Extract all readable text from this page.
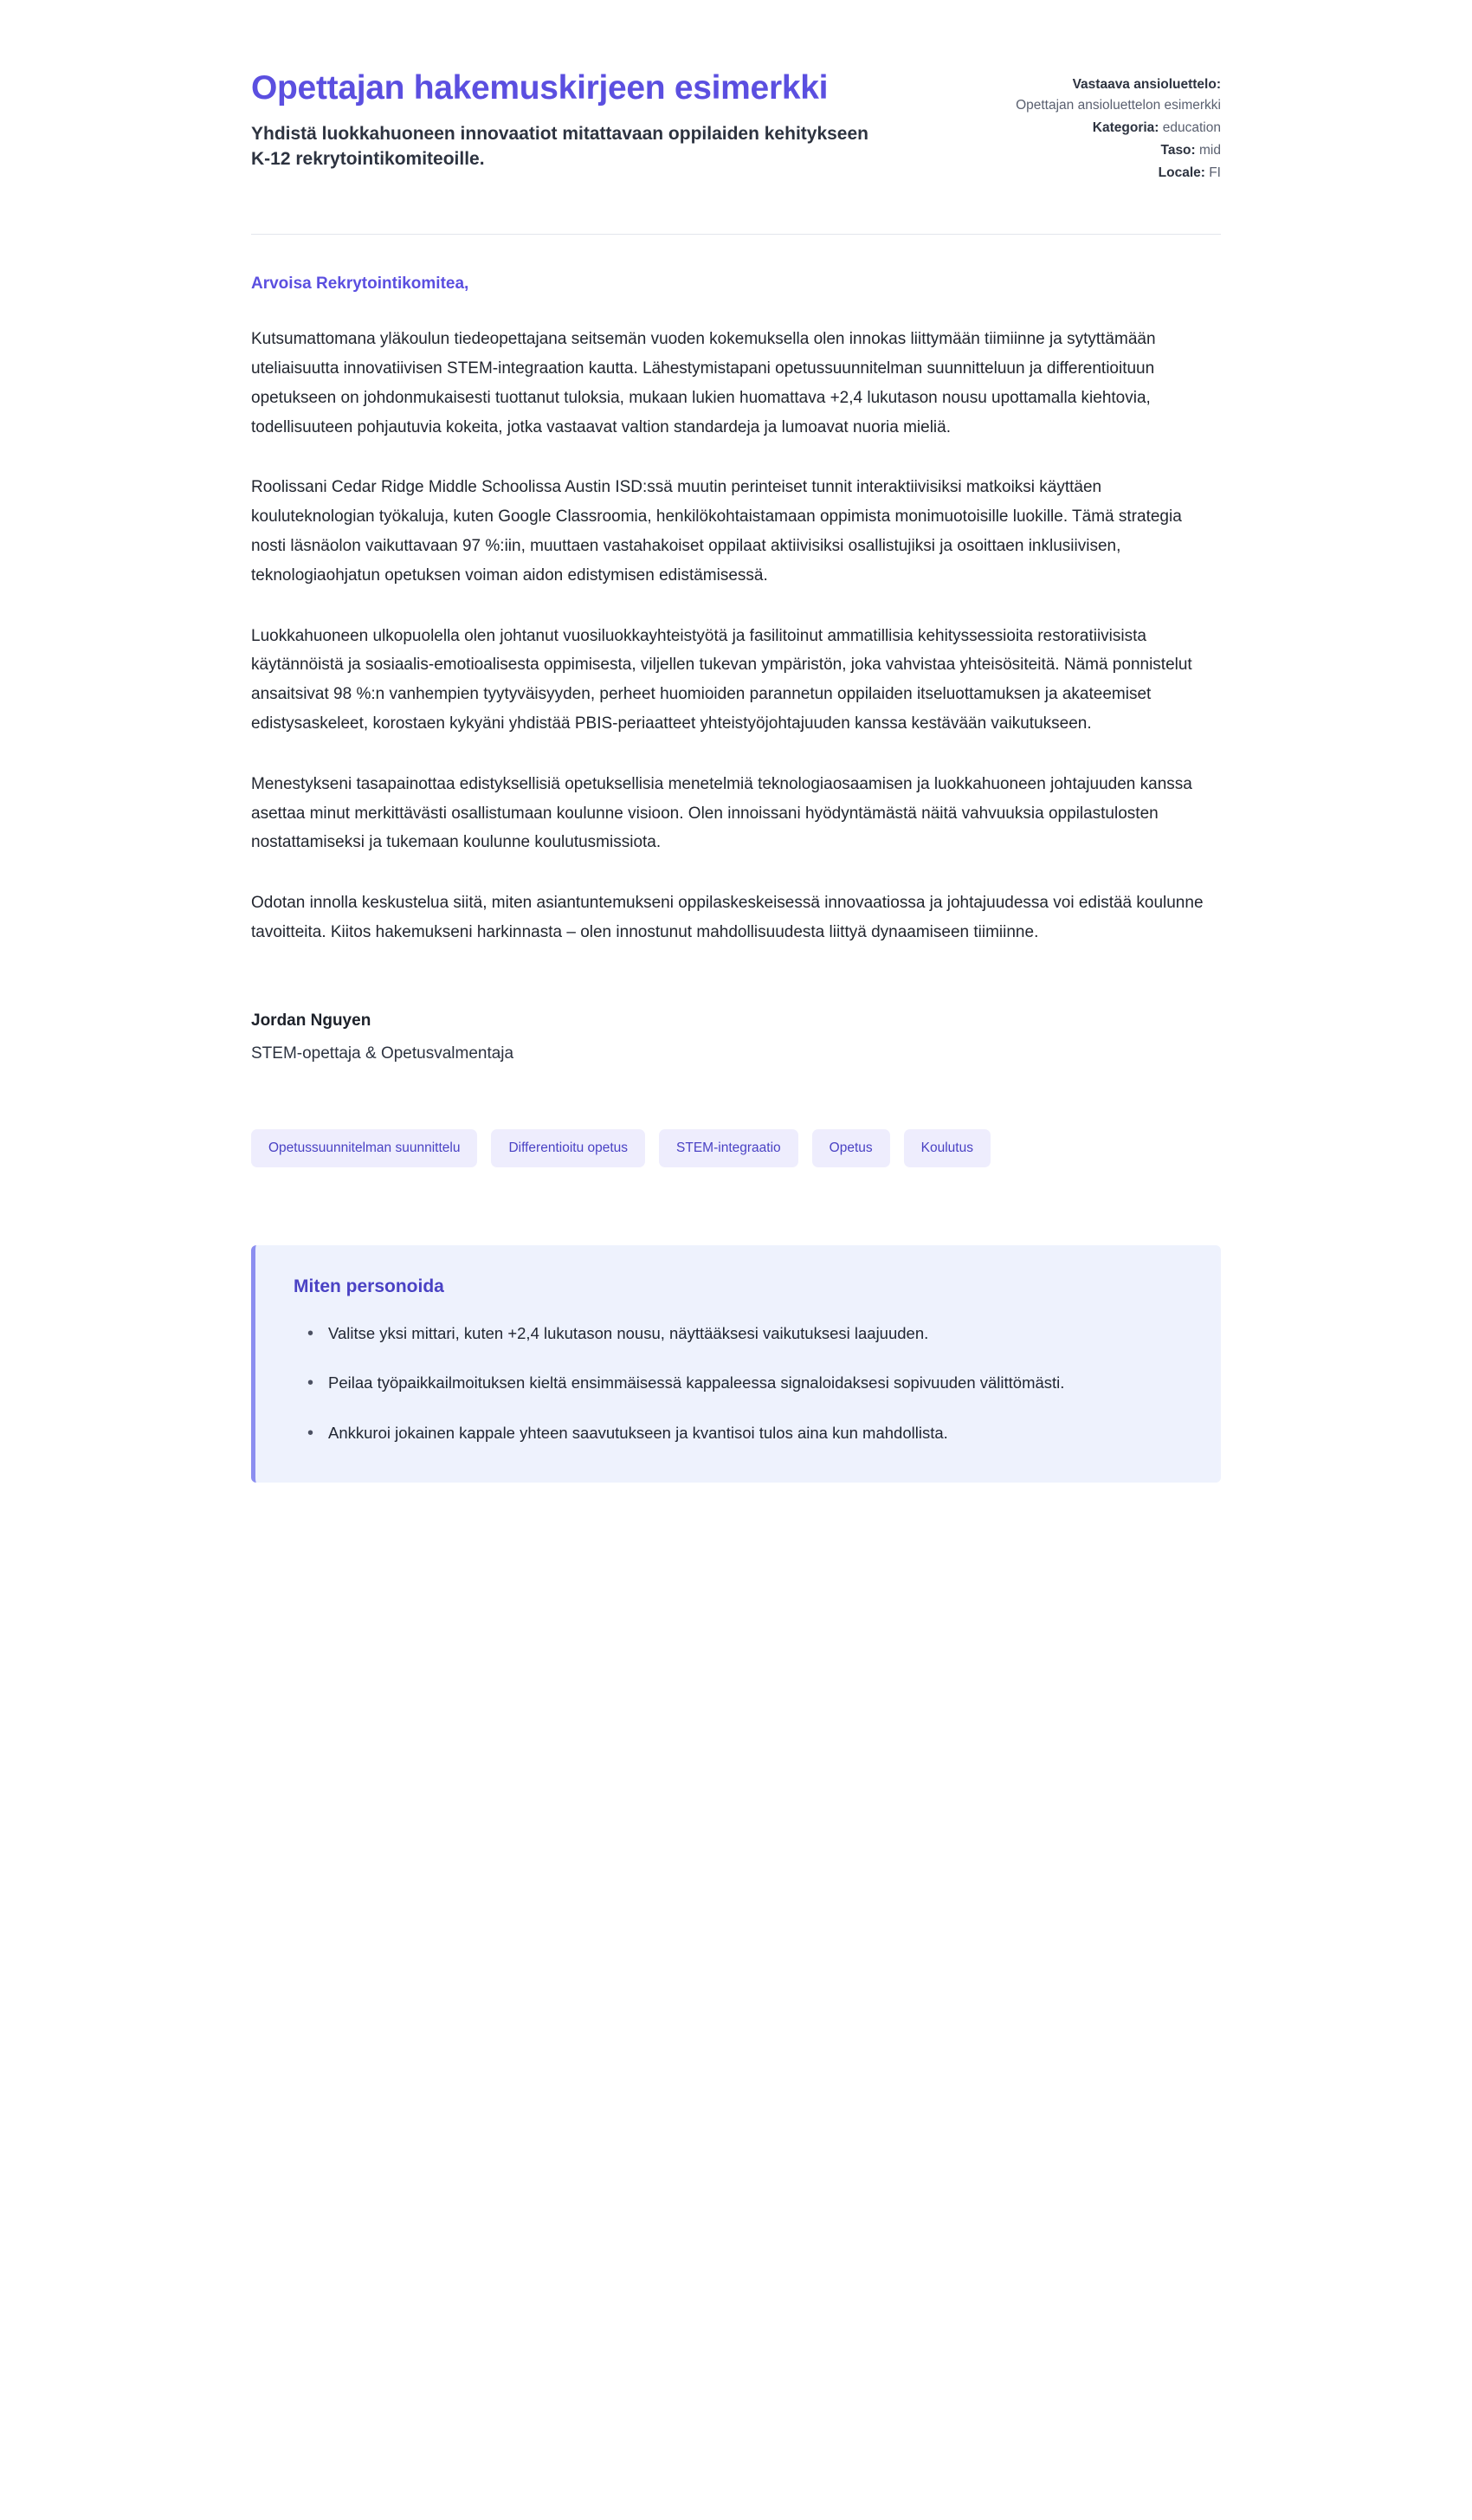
Opettajan hakemuskirjeen esimerkki

Yhdistä luokkahuoneen innovaatiot mitattavaan oppilaiden kehitykseen K-12 rekrytointikomiteoille.

Vastaava ansioluettelo:
Opettajan ansioluettelon esimerkki
Kategoria: education
Taso: mid
Locale: FI

Arvoisa Rekrytointikomitea,

Kutsumattomana yläkoulun tiedeopettajana seitsemän vuoden kokemuksella olen innokas liittymään tiimiinne ja sytyttämään uteliaisuutta innovatiivisen STEM-integraation kautta. Lähestymistapani opetussuunnitelman suunnitteluun ja differentioituun opetukseen on johdonmukaisesti tuottanut tuloksia, mukaan lukien huomattava +2,4 lukutason nousu upottamalla kiehtovia, todellisuuteen pohjautuvia kokeita, jotka vastaavat valtion standardeja ja lumoavat nuoria mieliä.

Roolissani Cedar Ridge Middle Schoolissa Austin ISD:ssä muutin perinteiset tunnit interaktiivisiksi matkoiksi käyttäen kouluteknologian työkaluja, kuten Google Classroomia, henkilökohtaistamaan oppimista monimuotoisille luokille. Tämä strategia nosti läsnäolon vaikuttavaan 97 %:iin, muuttaen vastahakoiset oppilaat aktiivisiksi osallistujiksi ja osoittaen inklusiivisen, teknologiaohjatun opetuksen voiman aidon edistymisen edistämisessä.

Luokkahuoneen ulkopuolella olen johtanut vuosiluokkayhteistyötä ja fasilitoinut ammatillisia kehityssessioita restoratiivisista käytännöistä ja sosiaalis-emotioalisesta oppimisesta, viljellen tukevan ympäristön, joka vahvistaa yhteisösiteitä. Nämä ponnistelut ansaitsivat 98 %:n vanhempien tyytyväisyyden, perheet huomioiden parannetun oppilaiden itseluottamuksen ja akateemiset edistysaskeleet, korostaen kykyäni yhdistää PBIS-periaatteet yhteistyöjohtajuuden kanssa kestävään vaikutukseen.

Menestykseni tasapainottaa edistyksellisiä opetuksellisia menetelmiä teknologiaosaamisen ja luokkahuoneen johtajuuden kanssa asettaa minut merkittävästi osallistumaan koulunne visioon. Olen innoissani hyödyntämästä näitä vahvuuksia oppilastulosten nostattamiseksi ja tukemaan koulunne koulutusmissiota.

Odotan innolla keskustelua siitä, miten asiantuntemukseni oppilaskeskeisessä innovaatiossa ja johtajuudessa voi edistää koulunne tavoitteita. Kiitos hakemukseni harkinnasta – olen innostunut mahdollisuudesta liittyä dynaamiseen tiimiinne.

Jordan Nguyen

STEM-opettaja & Opetusvalmentaja

Opetussuunnitelman suunnittelu	Differentioitu opetus	STEM-integraatio	Opetus	Koulutus
Miten personoida
• Valitse yksi mittari, kuten +2,4 lukutason nousu, näyttääksesi vaikutuksesi laajuuden.
• Peilaa työpaikkailmoituksen kieltä ensimmäisessä kappaleessa signaloidaksesi sopivuuden välittömästi.
• Ankkuroi jokainen kappale yhteen saavutukseen ja kvantisoi tulos aina kun mahdollista.
